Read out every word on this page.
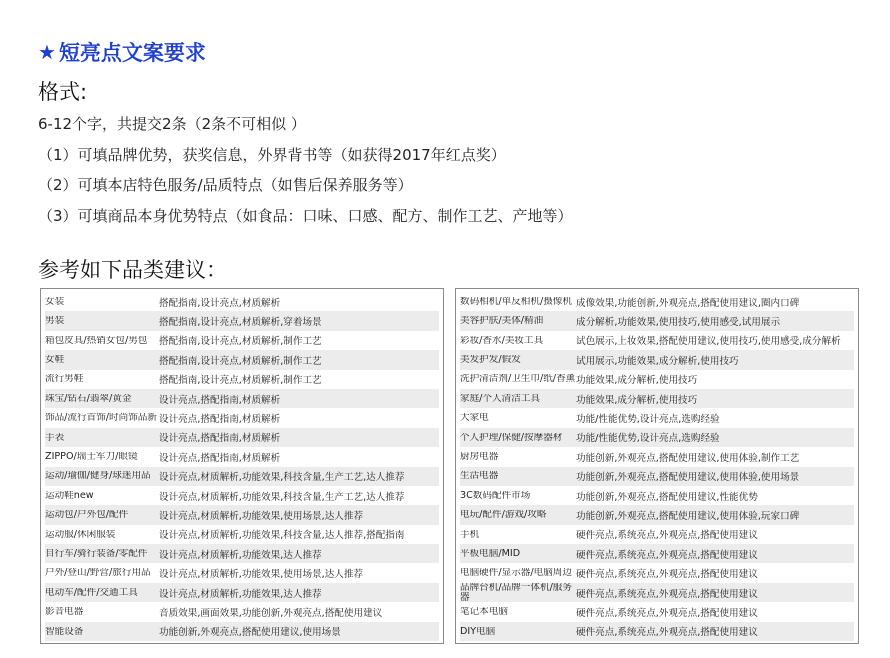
★ 短亮点文案要求
格式:
6-12个字，共提交2条（2条不可相似 ）
（1）可填品牌优势，获奖信息，外界背书等（如获得2017年红点奖）
（2）可填本店特色服务/品质特点（如售后保养服务等）
（3）可填商品本身优势特点（如食品：口味、口感、配方、制作工艺、产地等）
参考如下品类建议：
女装	搭配指南,设计亮点,材质解析
男装	搭配指南,设计亮点,材质解析,穿着场景
箱包皮具/热销女包/男包	搭配指南,设计亮点,材质解析,制作工艺
女鞋	搭配指南,设计亮点,材质解析,制作工艺
流行男鞋	搭配指南,设计亮点,材质解析,制作工艺
珠宝/钻石/翡翠/黄金	设计亮点,搭配指南,材质解析
饰品/流行首饰/时尚饰品新 设计亮点,搭配指南,材质解析
手表	设计亮点,搭配指南,材质解析
ZIPPO/瑞士军刀/眼镜	设计亮点,搭配指南,材质解析
运动/瑜伽/健身/球迷用品 设计亮点,材质解析,功能效果,科技含量,生产工艺,达人推荐
运动鞋new	设计亮点,材质解析,功能效果,科技含量,生产工艺,达人推荐
运动包/户外包/配件	设计亮点,材质解析,功能效果,使用场景,达人推荐
运动服/休闲服装	设计亮点,材质解析,功能效果,科技含量,达人推荐,搭配指南
自行车/骑行装备/零配件	设计亮点,材质解析,功能效果,达人推荐
户外/登山/野营/旅行用品 设计亮点,材质解析,功能效果,使用场景,达人推荐
电动车/配件/交通工具	设计亮点,材质解析,功能效果,达人推荐
影音电器	音质效果,画面效果,功能创新,外观亮点,搭配使用建议
智能设备	功能创新,外观亮点,搭配使用建议,使用场景
数码相机/单反相机/摄像机 成像效果,功能创新,外观亮点,搭配使用建议,圈内口碑
美容护肤/美体/精油	成分解析,功能效果,使用技巧,使用感受,试用展示
彩妆/香水/美妆工具	试色展示,上妆效果,搭配使用建议,使用技巧,使用感受,成分解析
美发护发/假发	试用展示,功能效果,成分解析,使用技巧
洗护清洁剂/卫生巾/纸/香薰 功能效果,成分解析,使用技巧
家庭/个人清洁工具	功能效果,成分解析,使用技巧
大家电	功能/性能优势,设计亮点,选购经验
个人护理/保健/按摩器材	功能/性能优势,设计亮点,选购经验
厨房电器	功能创新,外观亮点,搭配使用建议,使用体验,制作工艺
生活电器	功能创新,外观亮点,搭配使用建议,使用体验,使用场景
3C数码配件市场	功能创新,外观亮点,搭配使用建议,性能优势
电玩/配件/游戏/攻略	功能创新,外观亮点,搭配使用建议,使用体验,玩家口碑
手机	硬件亮点,系统亮点,外观亮点,搭配使用建议
平板电脑/MID	硬件亮点,系统亮点,外观亮点,搭配使用建议
电脑硬件/显示器/电脑周边 硬件亮点,系统亮点,外观亮点,搭配使用建议
品牌台机/品牌一体机/服务器	硬件亮点,系统亮点,外观亮点,搭配使用建议
笔记本电脑	硬件亮点,系统亮点,外观亮点,搭配使用建议
DIY电脑	硬件亮点,系统亮点,外观亮点,搭配使用建议
